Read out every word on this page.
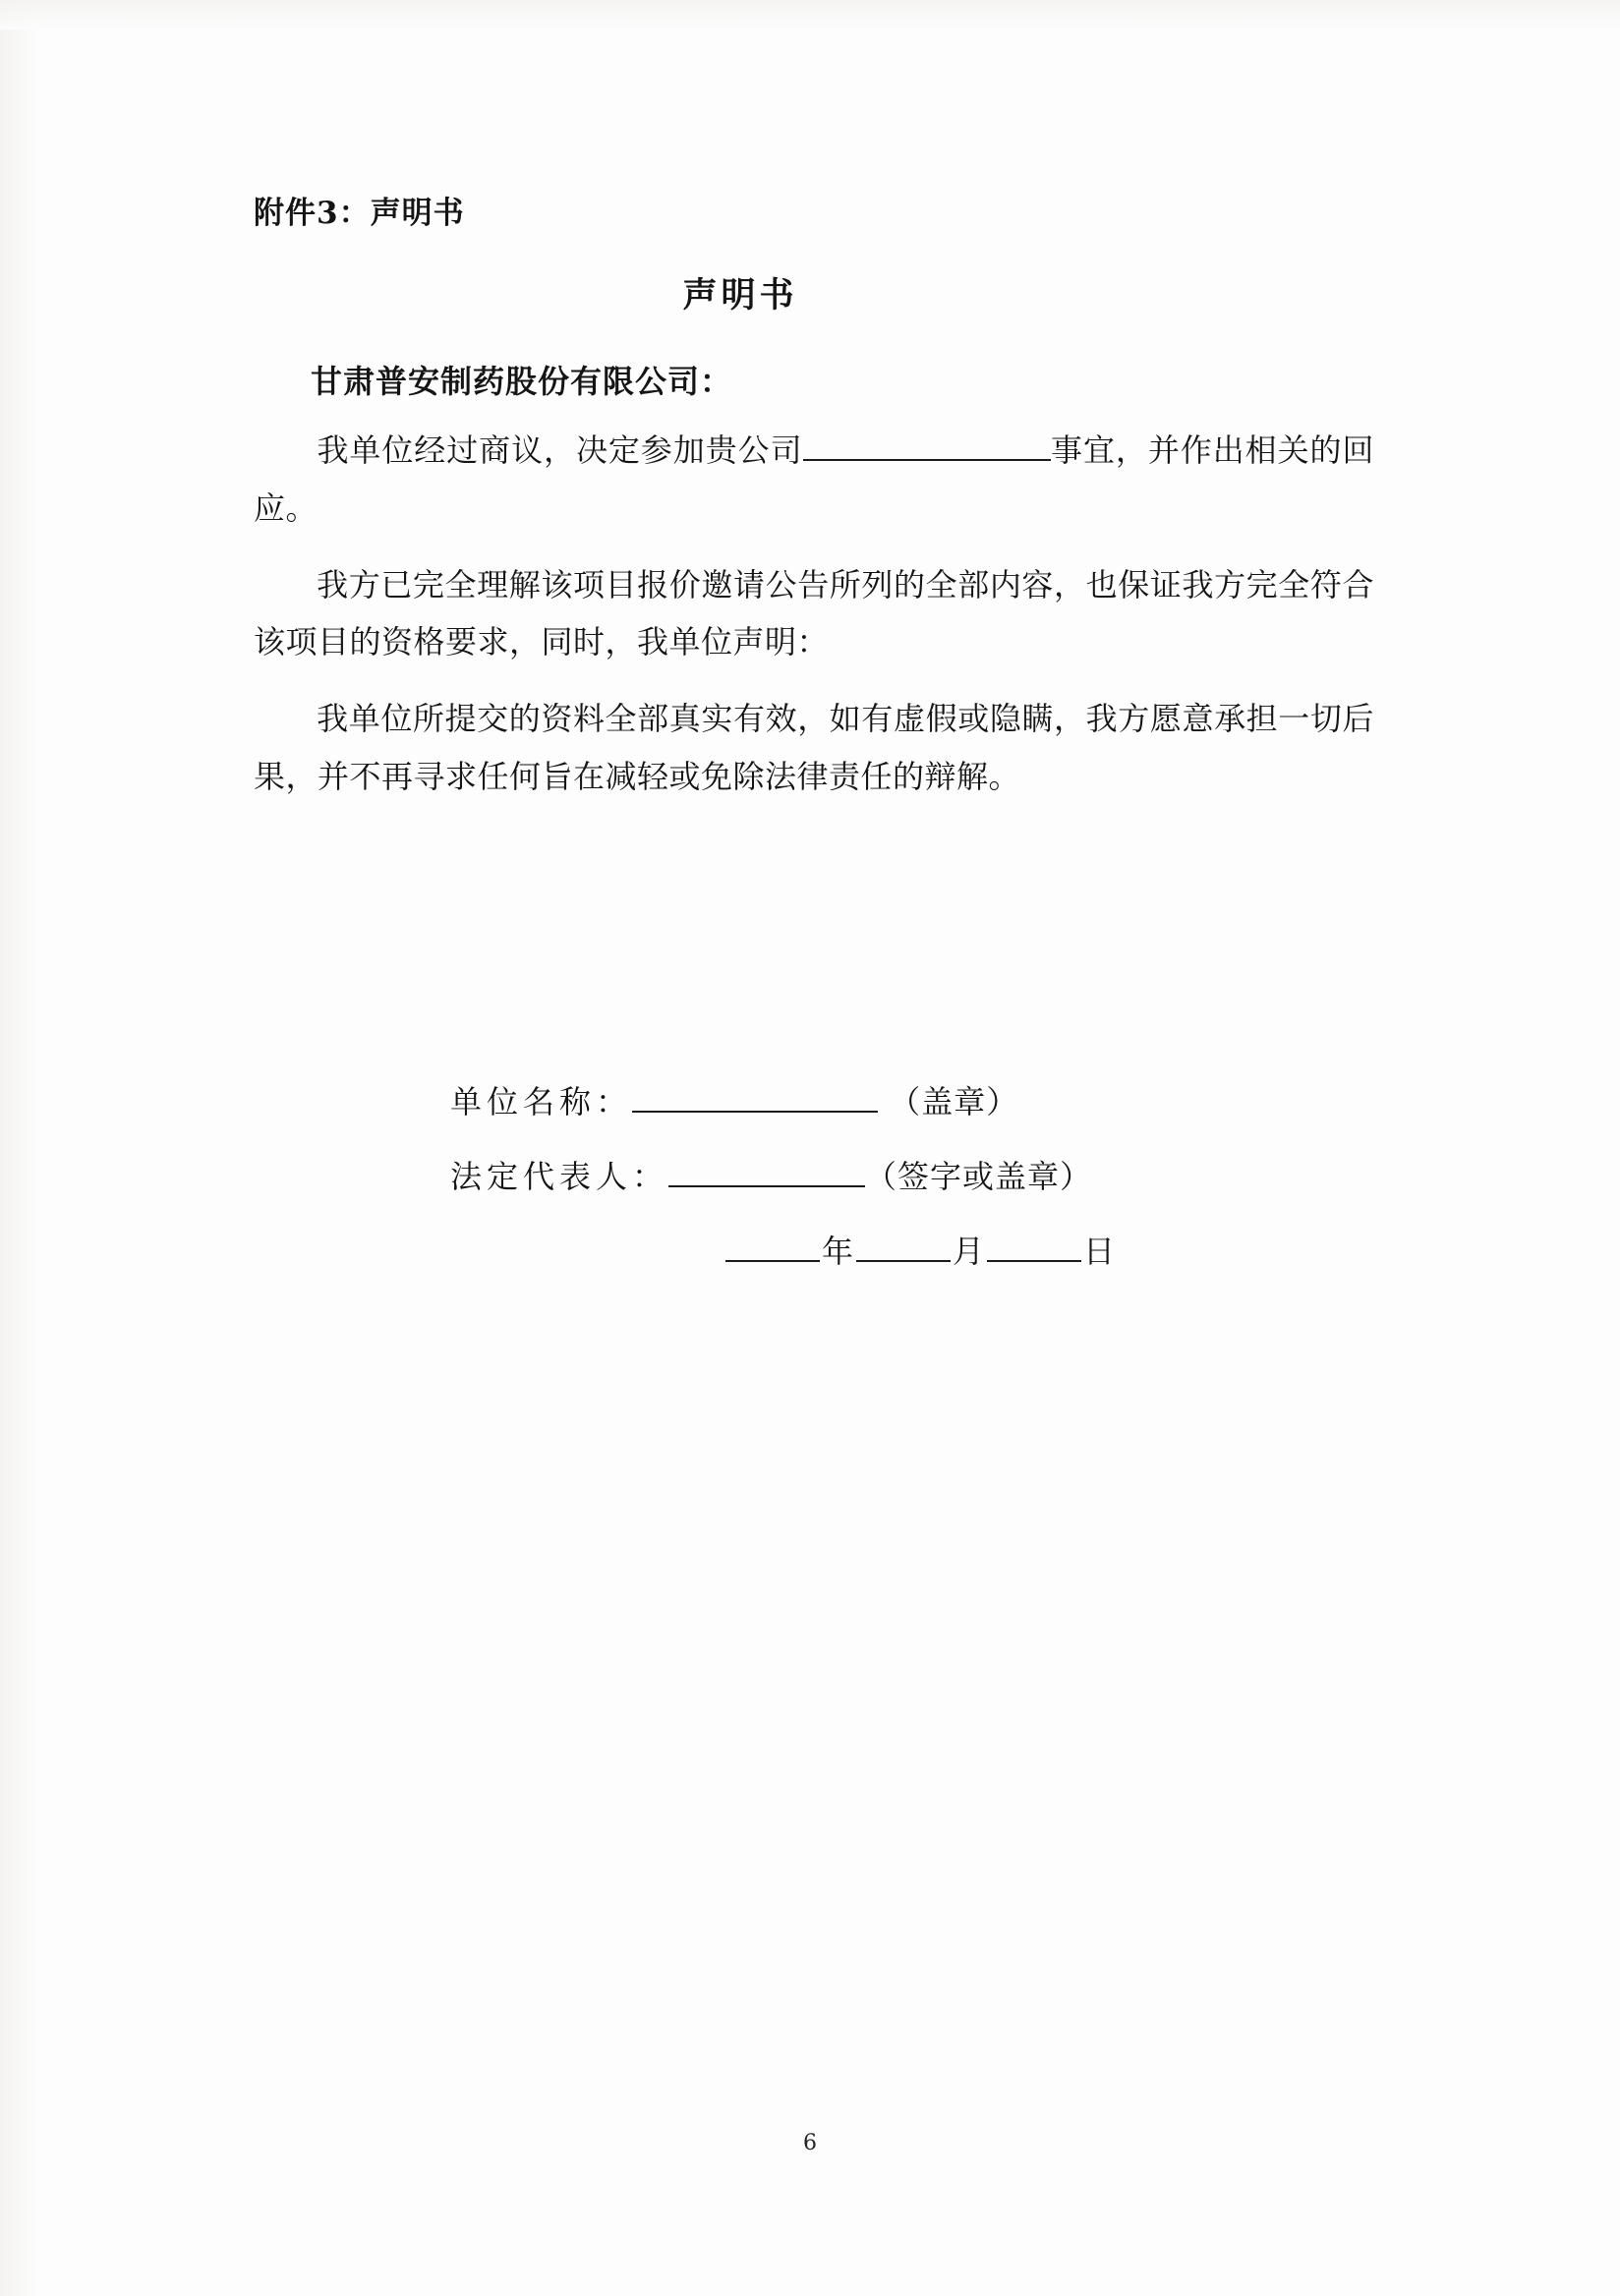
附件3：声明书
声明书
甘肃普安制药股份有限公司：
我单位经过商议，决定参加贵公司	事宜，并作出相关的回应。
我方已完全理解该项目报价邀请公告所列的全部内容，也保证我方完全符合该项目的资格要求，同时，我单位声明：
我单位所提交的资料全部真实有效，如有虚假或隐瞒，我方愿意承担一切后果，并不再寻求任何旨在减轻或免除法律责任的辩解。
单位名称：	（盖章）
法定代表人：	（签字或盖章）
年	月	日
6
